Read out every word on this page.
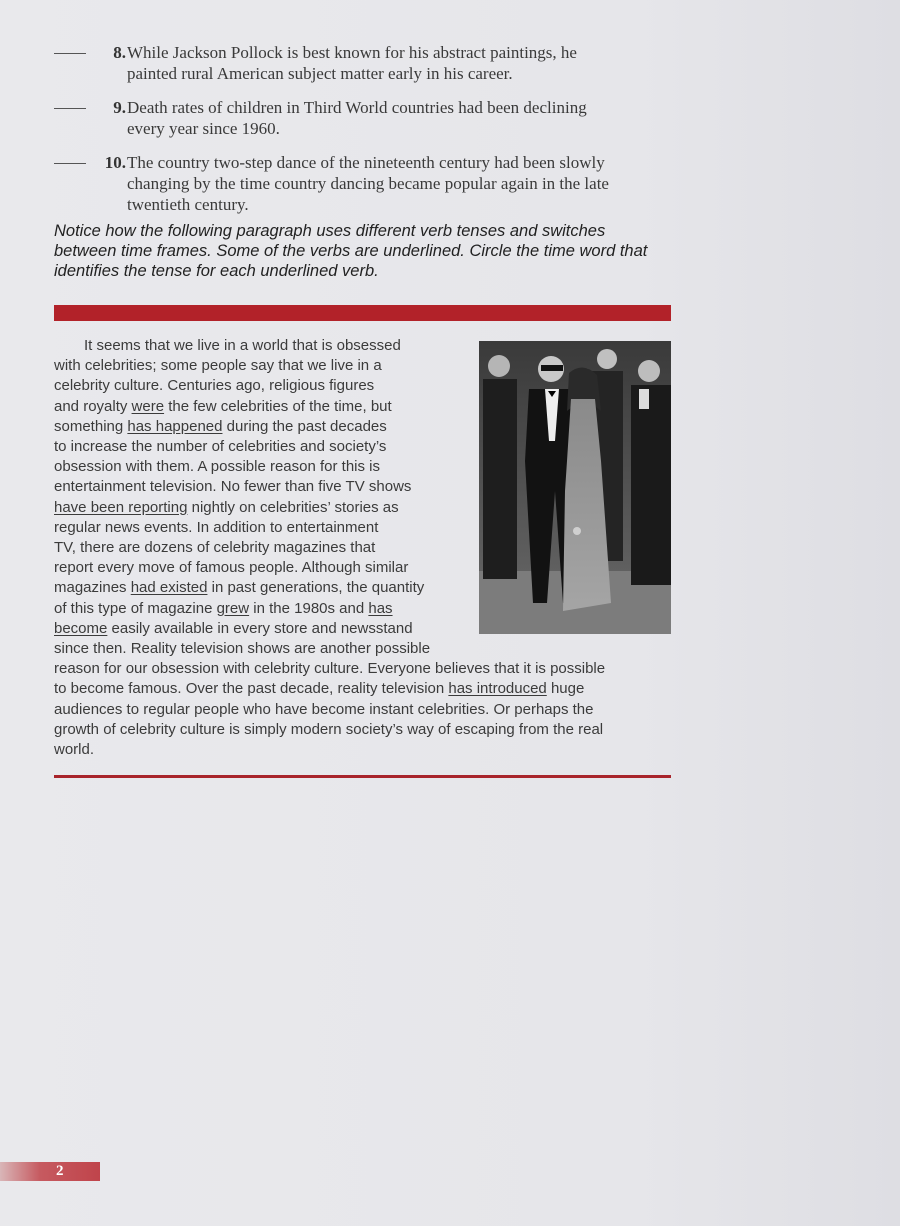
8. While Jackson Pollock is best known for his abstract paintings, he
painted rural American subject matter early in his career.
9. Death rates of children in Third World countries had been declining
every year since 1960.
10. The country two-step dance of the nineteenth century had been slowly
changing by the time country dancing became popular again in the late
twentieth century.
Notice how the following paragraph uses different verb tenses and switches
between time frames. Some of the verbs are underlined. Circle the time word that
identifies the tense for each underlined verb.
It seems that we live in a world that is obsessed
with celebrities; some people say that we live in a
celebrity culture. Centuries ago, religious figures
and royalty were the few celebrities of the time, but
something has happened during the past decades
to increase the number of celebrities and society’s
obsession with them. A possible reason for this is
entertainment television. No fewer than five TV shows
have been reporting nightly on celebrities’ stories as
regular news events. In addition to entertainment
TV, there are dozens of celebrity magazines that
report every move of famous people. Although similar
magazines had existed in past generations, the quantity
of this type of magazine grew in the 1980s and has
become easily available in every store and newsstand
since then. Reality television shows are another possible
reason for our obsession with celebrity culture. Everyone believes that it is possible
to become famous. Over the past decade, reality television has introduced huge
audiences to regular people who have become instant celebrities. Or perhaps the
growth of celebrity culture is simply modern society’s way of escaping from the real
world.
2
